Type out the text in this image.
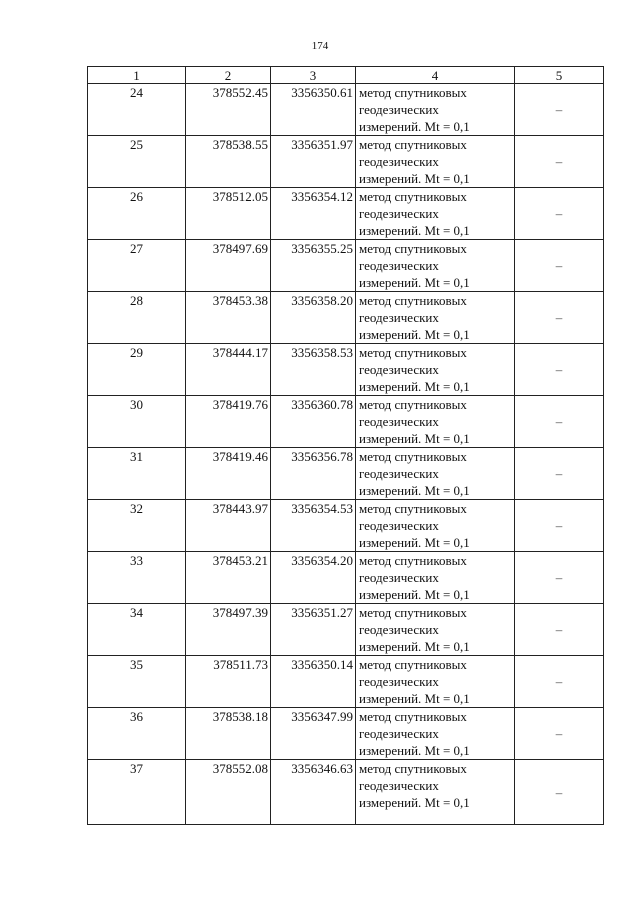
174
1	2	3	4	5
24	378552.45	3356350.61	метод спутниковых
геодезических
измерений. Mt = 0,1	–
25	378538.55	3356351.97	метод спутниковых
геодезических
измерений. Mt = 0,1	–
26	378512.05	3356354.12	метод спутниковых
геодезических
измерений. Mt = 0,1	–
27	378497.69	3356355.25	метод спутниковых
геодезических
измерений. Mt = 0,1	–
28	378453.38	3356358.20	метод спутниковых
геодезических
измерений. Mt = 0,1	–
29	378444.17	3356358.53	метод спутниковых
геодезических
измерений. Mt = 0,1	–
30	378419.76	3356360.78	метод спутниковых
геодезических
измерений. Mt = 0,1	–
31	378419.46	3356356.78	метод спутниковых
геодезических
измерений. Mt = 0,1	–
32	378443.97	3356354.53	метод спутниковых
геодезических
измерений. Mt = 0,1	–
33	378453.21	3356354.20	метод спутниковых
геодезических
измерений. Mt = 0,1	–
34	378497.39	3356351.27	метод спутниковых
геодезических
измерений. Mt = 0,1	–
35	378511.73	3356350.14	метод спутниковых
геодезических
измерений. Mt = 0,1	–
36	378538.18	3356347.99	метод спутниковых
геодезических
измерений. Mt = 0,1	–
37	378552.08	3356346.63	метод спутниковых
геодезических
измерений. Mt = 0,1	–
